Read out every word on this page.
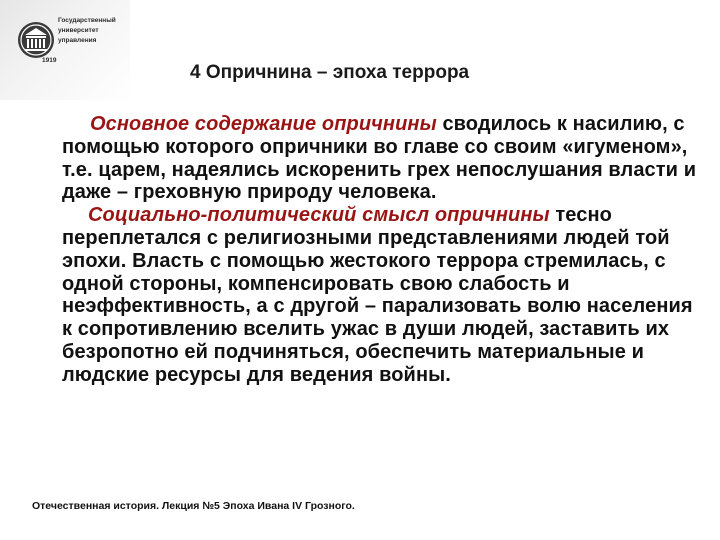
Государственный
университет
управления
1919
4 Опричнина – эпоха террора

Основное содержание опричнины сводилось к насилию, с помощью которого опричники во главе со своим «игуменом», т.е. царем, надеялись искоренить грех непослушания власти и даже – греховную природу человека.

Социально-политический смысл опричнины тесно переплетался с религиозными представлениями людей той эпохи. Власть с помощью жестокого террора стремилась, с одной стороны, компенсировать свою слабость и неэффективность, а с другой – парализовать волю населения к сопротивлению вселить ужас в души людей, заставить их безропотно ей подчиняться, обеспечить материальные и людские ресурсы для ведения войны.

Отечественная история. Лекция №5 Эпоха Ивана IV Грозного.
